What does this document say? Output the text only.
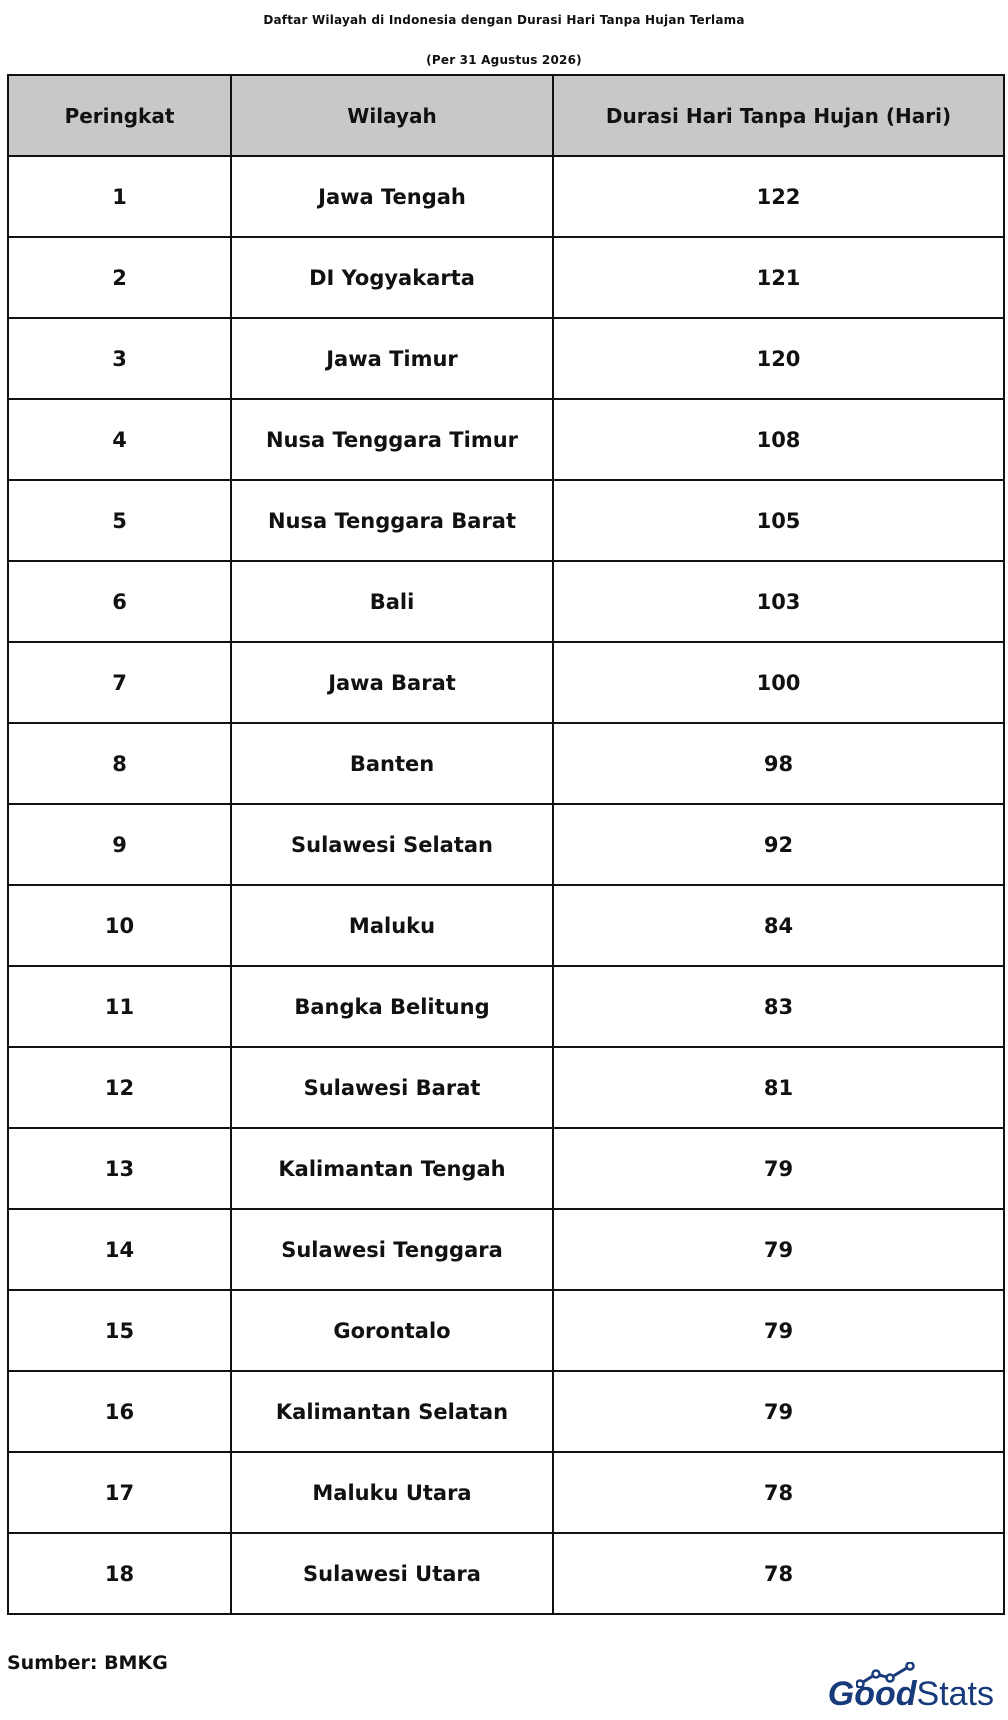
Daftar Wilayah di Indonesia dengan Durasi Hari Tanpa Hujan Terlama
(Per 31 Agustus 2026)
Peringkat	Wilayah	Durasi Hari Tanpa Hujan (Hari)
1	Jawa Tengah	122
2	DI Yogyakarta	121
3	Jawa Timur	120
4	Nusa Tenggara Timur	108
5	Nusa Tenggara Barat	105
6	Bali	103
7	Jawa Barat	100
8	Banten	98
9	Sulawesi Selatan	92
10	Maluku	84
11	Bangka Belitung	83
12	Sulawesi Barat	81
13	Kalimantan Tengah	79
14	Sulawesi Tenggara	79
15	Gorontalo	79
16	Kalimantan Selatan	79
17	Maluku Utara	78
18	Sulawesi Utara	78
Sumber: BMKG
GoodStats
